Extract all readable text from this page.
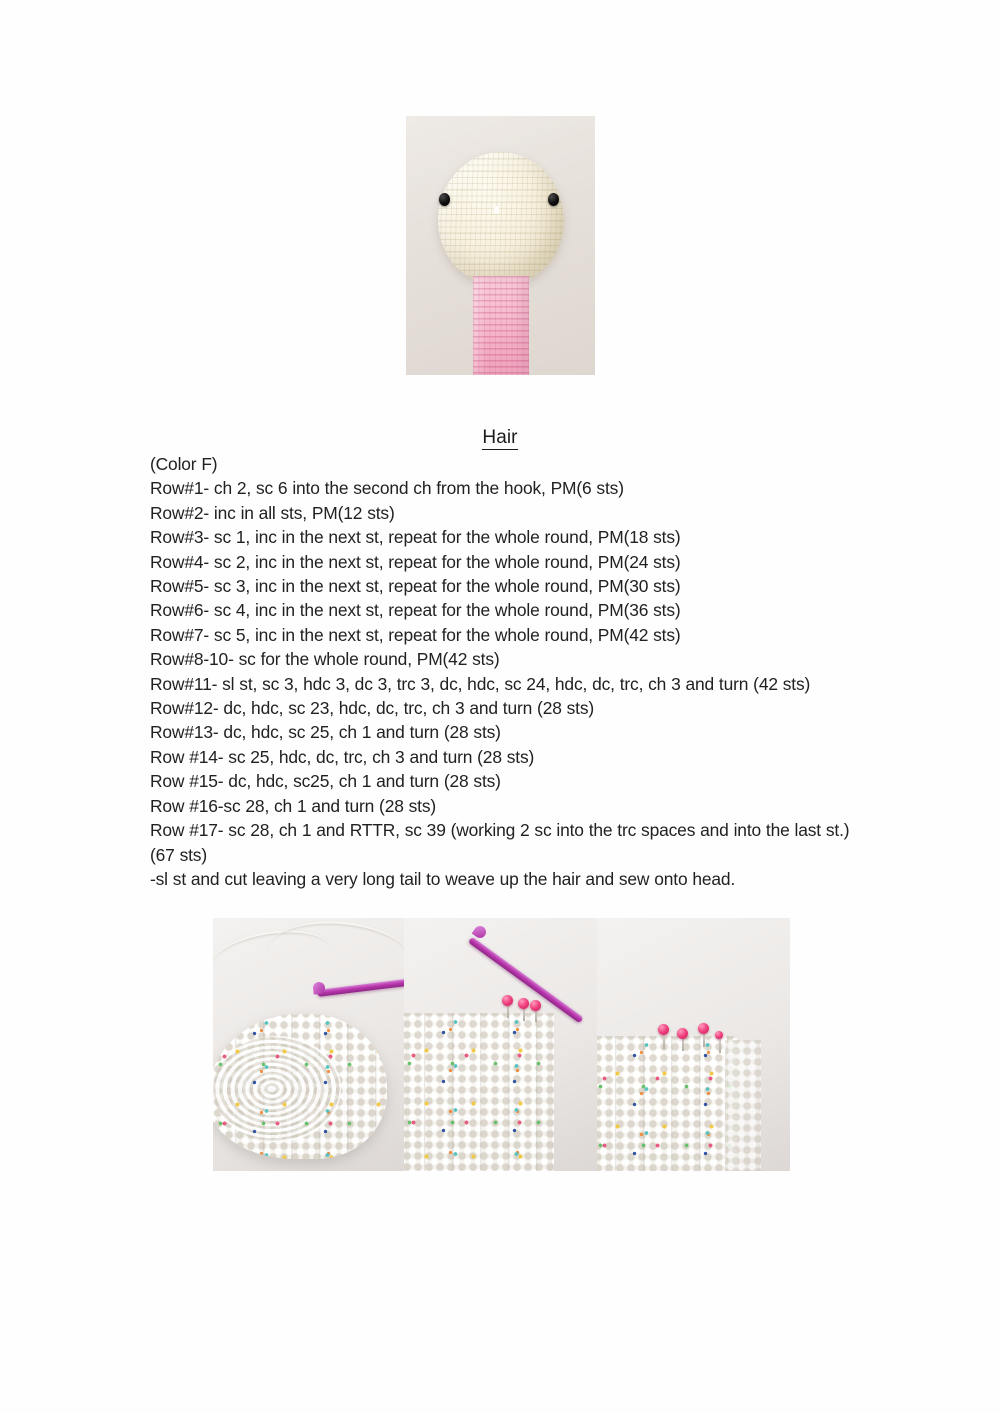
Hair

(Color F)

Row#1- ch 2, sc 6 into the second ch from the hook, PM(6 sts)

Row#2- inc in all sts, PM(12 sts)

Row#3- sc 1, inc in the next st, repeat for the whole round, PM(18 sts)

Row#4- sc 2, inc in the next st, repeat for the whole round, PM(24 sts)

Row#5- sc 3, inc in the next st, repeat for the whole round, PM(30 sts)

Row#6- sc 4, inc in the next st, repeat for the whole round, PM(36 sts)

Row#7- sc 5, inc in the next st, repeat for the whole round, PM(42 sts)

Row#8-10- sc for the whole round, PM(42 sts)

Row#11- sl st, sc 3, hdc 3, dc 3, trc 3, dc, hdc, sc 24, hdc, dc, trc, ch 3 and turn (42 sts)

Row#12- dc, hdc, sc 23, hdc, dc, trc, ch 3 and turn (28 sts)

Row#13- dc, hdc, sc 25, ch 1 and turn (28 sts)

Row #14- sc 25, hdc, dc, trc, ch 3 and turn (28 sts)

Row #15- dc, hdc, sc25, ch 1 and turn (28 sts)

Row #16-sc 28, ch 1 and turn (28 sts)

Row #17- sc 28, ch 1 and RTTR, sc 39 (working 2 sc into the trc spaces and into the last st.)(67 sts)

-sl st and cut leaving a very long tail to weave up the hair and sew onto head.
